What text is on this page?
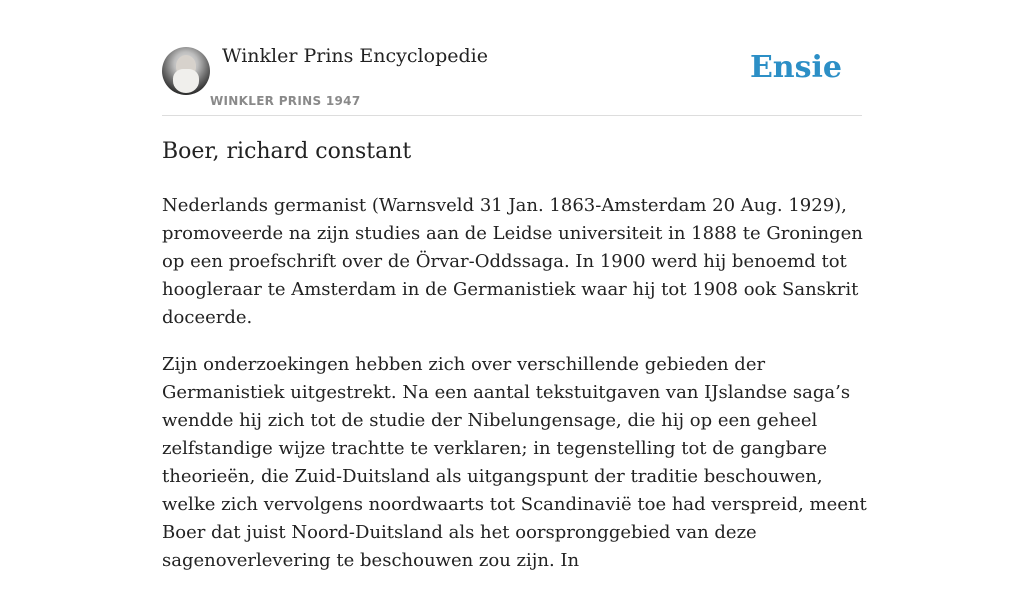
Winkler Prins Encyclopedie
WINKLER PRINS 1947
Ensie
Boer, richard constant

Nederlands germanist (Warnsveld 31 Jan. 1863-Amsterdam 20 Aug. 1929), promoveerde na zijn studies aan de Leidse universiteit in 1888 te Groningen op een proefschrift over de Örvar-Oddssaga. In 1900 werd hij benoemd tot hoogleraar te Amsterdam in de Germanistiek waar hij tot 1908 ook Sanskrit doceerde.

Zijn onderzoekingen hebben zich over verschillende gebieden der Germanistiek uitgestrekt. Na een aantal tekstuitgaven van IJslandse saga’s wendde hij zich tot de studie der Nibelungensage, die hij op een geheel zelfstandige wijze trachtte te verklaren; in tegenstelling tot de gangbare theorieën, die Zuid-Duitsland als uitgangspunt der traditie beschouwen, welke zich vervolgens noordwaarts tot Scandinavië toe had verspreid, meent Boer dat juist Noord-Duitsland als het oorspronggebied van deze sagenoverlevering te beschouwen zou zijn. In
